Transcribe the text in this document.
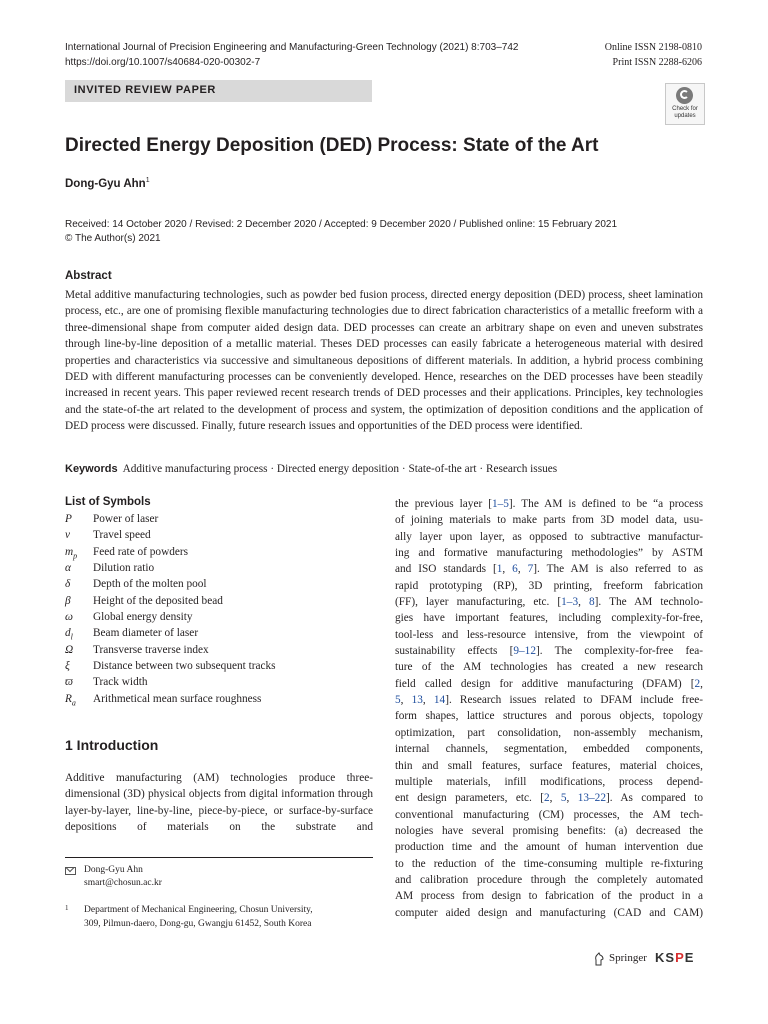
International Journal of Precision Engineering and Manufacturing-Green Technology (2021) 8:703–742
https://doi.org/10.1007/s40684-020-00302-7
Online ISSN 2198-0810
Print ISSN 2288-6206
INVITED REVIEW PAPER
Check for
updates
Directed Energy Deposition (DED) Process: State of the Art
Dong-Gyu Ahn$^1$
Received: 14 October 2020 / Revised: 2 December 2020 / Accepted: 9 December 2020 / Published online: 15 February 2021
© The Author(s) 2021
Abstract
Metal additive manufacturing technologies, such as powder bed fusion process, directed energy deposition (DED) process, sheet lamination process, etc., are one of promising flexible manufacturing technologies due to direct fabrication characteristics of a metallic freeform with a three-dimensional shape from computer aided design data. DED processes can create an arbitrary shape on even and uneven substrates through line-by-line deposition of a metallic material. Theses DED processes can easily fabricate a heterogeneous material with desired properties and characteristics via successive and simultaneous depositions of different materials. In addition, a hybrid process combining DED with different manufacturing processes can be conveniently developed. Hence, researches on the DED processes have been steadily increased in recent years. This paper reviewed recent research trends of DED processes and their applications. Principles, key technologies and the state-of-the art related to the development of process and system, the optimization of deposition conditions and the application of DED process were discussed. Finally, future research issues and opportunities of the DED process were identified.
Keywords Additive manufacturing process · Directed energy deposition · State-of-the art · Research issues
List of Symbols
P Power of laser
v Travel speed
$m_p$ Feed rate of powders
α Dilution ratio
δ Depth of the molten pool
β Height of the deposited bead
ω Global energy density
$d_l$ Beam diameter of laser
Ω Transverse traverse index
ξ Distance between two subsequent tracks
ϖ Track width
$R_a$ Arithmetical mean surface roughness
1 Introduction
Additive manufacturing (AM) technologies produce three-dimensional (3D) physical objects from digital information through layer-by-layer, line-by-line, piece-by-piece, or surface-by-surface depositions of materials on the substrate and
Dong-Gyu Ahn
smart@chosun.ac.kr
1 Department of Mechanical Engineering, Chosun University,
309, Pilmun-daero, Dong-gu, Gwangju 61452, South Korea
the previous layer [1–5]. The AM is defined to be “a process
of joining materials to make parts from 3D model data, usu-
ally layer upon layer, as opposed to subtractive manufactur-
ing and formative manufacturing methodologies” by ASTM
and ISO standards [1, 6, 7]. The AM is also referred to as
rapid prototyping (RP), 3D printing, freeform fabrication
(FF), layer manufacturing, etc. [1–3, 8]. The AM technolo-
gies have important features, including complexity-for-free,
tool-less and less-resource intensive, from the viewpoint of
sustainability effects [9–12]. The complexity-for-free fea-
ture of the AM technologies has created a new research
field called design for additive manufacturing (DFAM) [2,
5, 13, 14]. Research issues related to DFAM include free-
form shapes, lattice structures and porous objects, topology
optimization, part consolidation, non-assembly mechanism,
internal channels, segmentation, embedded components,
thin and small features, surface features, material choices,
multiple materials, infill modifications, process depend-
ent design parameters, etc. [2, 5, 13–22]. As compared to
conventional manufacturing (CM) processes, the AM tech-
nologies have several promising benefits: (a) decreased the
production time and the amount of human intervention due
to the reduction of the time-consuming multiple re-fixturing
and calibration procedure through the completely automated
AM process from design to fabrication of the product in a
computer aided design and manufacturing (CAD and CAM)
Springer KSPE
